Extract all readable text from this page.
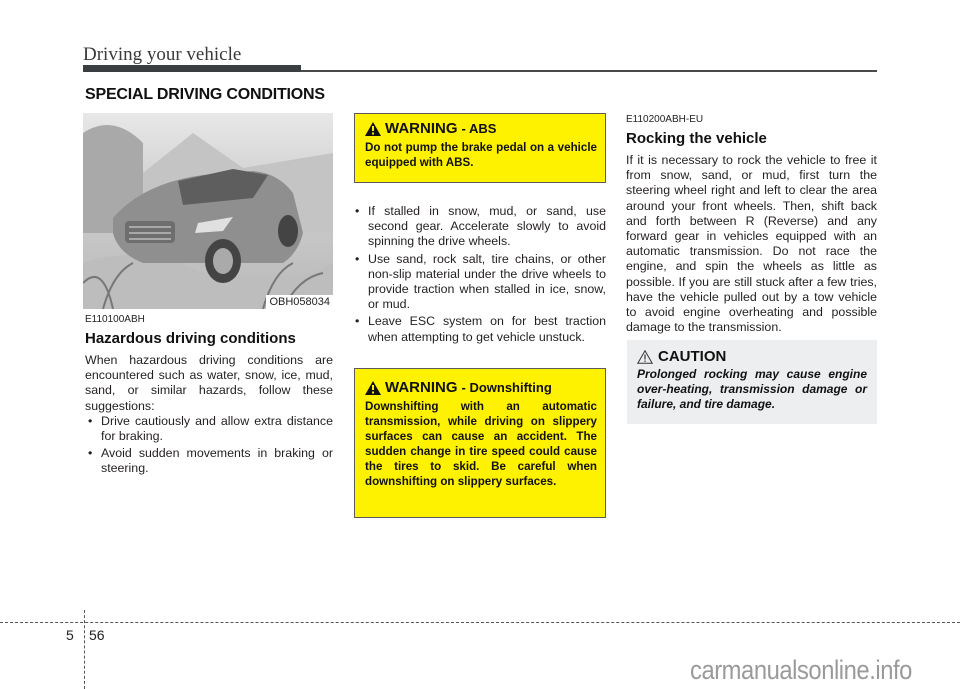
Driving your vehicle
SPECIAL DRIVING CONDITIONS
OBH058034
E110100ABH
Hazardous driving conditions
When hazardous driving conditions are encountered such as water, snow, ice, mud, sand, or similar hazards, follow these suggestions:
• Drive cautiously and allow extra distance for braking.
• Avoid sudden movements in braking or steering.
WARNING - ABS
Do not pump the brake pedal on a vehicle equipped with ABS.
• If stalled in snow, mud, or sand, use second gear. Accelerate slowly to avoid spinning the drive wheels.
• Use sand, rock salt, tire chains, or other non-slip material under the drive wheels to provide traction when stalled in ice, snow, or mud.
• Leave ESC system on for best traction when attempting to get vehicle unstuck.
WARNING - Downshifting
Downshifting with an automatic transmission, while driving on slippery surfaces can cause an accident. The sudden change in tire speed could cause the tires to skid. Be careful when downshifting on slippery surfaces.
E110200ABH-EU
Rocking the vehicle
If it is necessary to rock the vehicle to free it from snow, sand, or mud, first turn the steering wheel right and left to clear the area around your front wheels. Then, shift back and forth between R (Reverse) and any forward gear in vehicles equipped with an automatic transmission. Do not race the engine, and spin the wheels as little as possible. If you are still stuck after a few tries, have the vehicle pulled out by a tow vehicle to avoid engine overheating and possible damage to the transmission.
CAUTION
Prolonged rocking may cause engine over-heating, transmission damage or failure, and tire damage.
5 56
carmanualsonline.info
